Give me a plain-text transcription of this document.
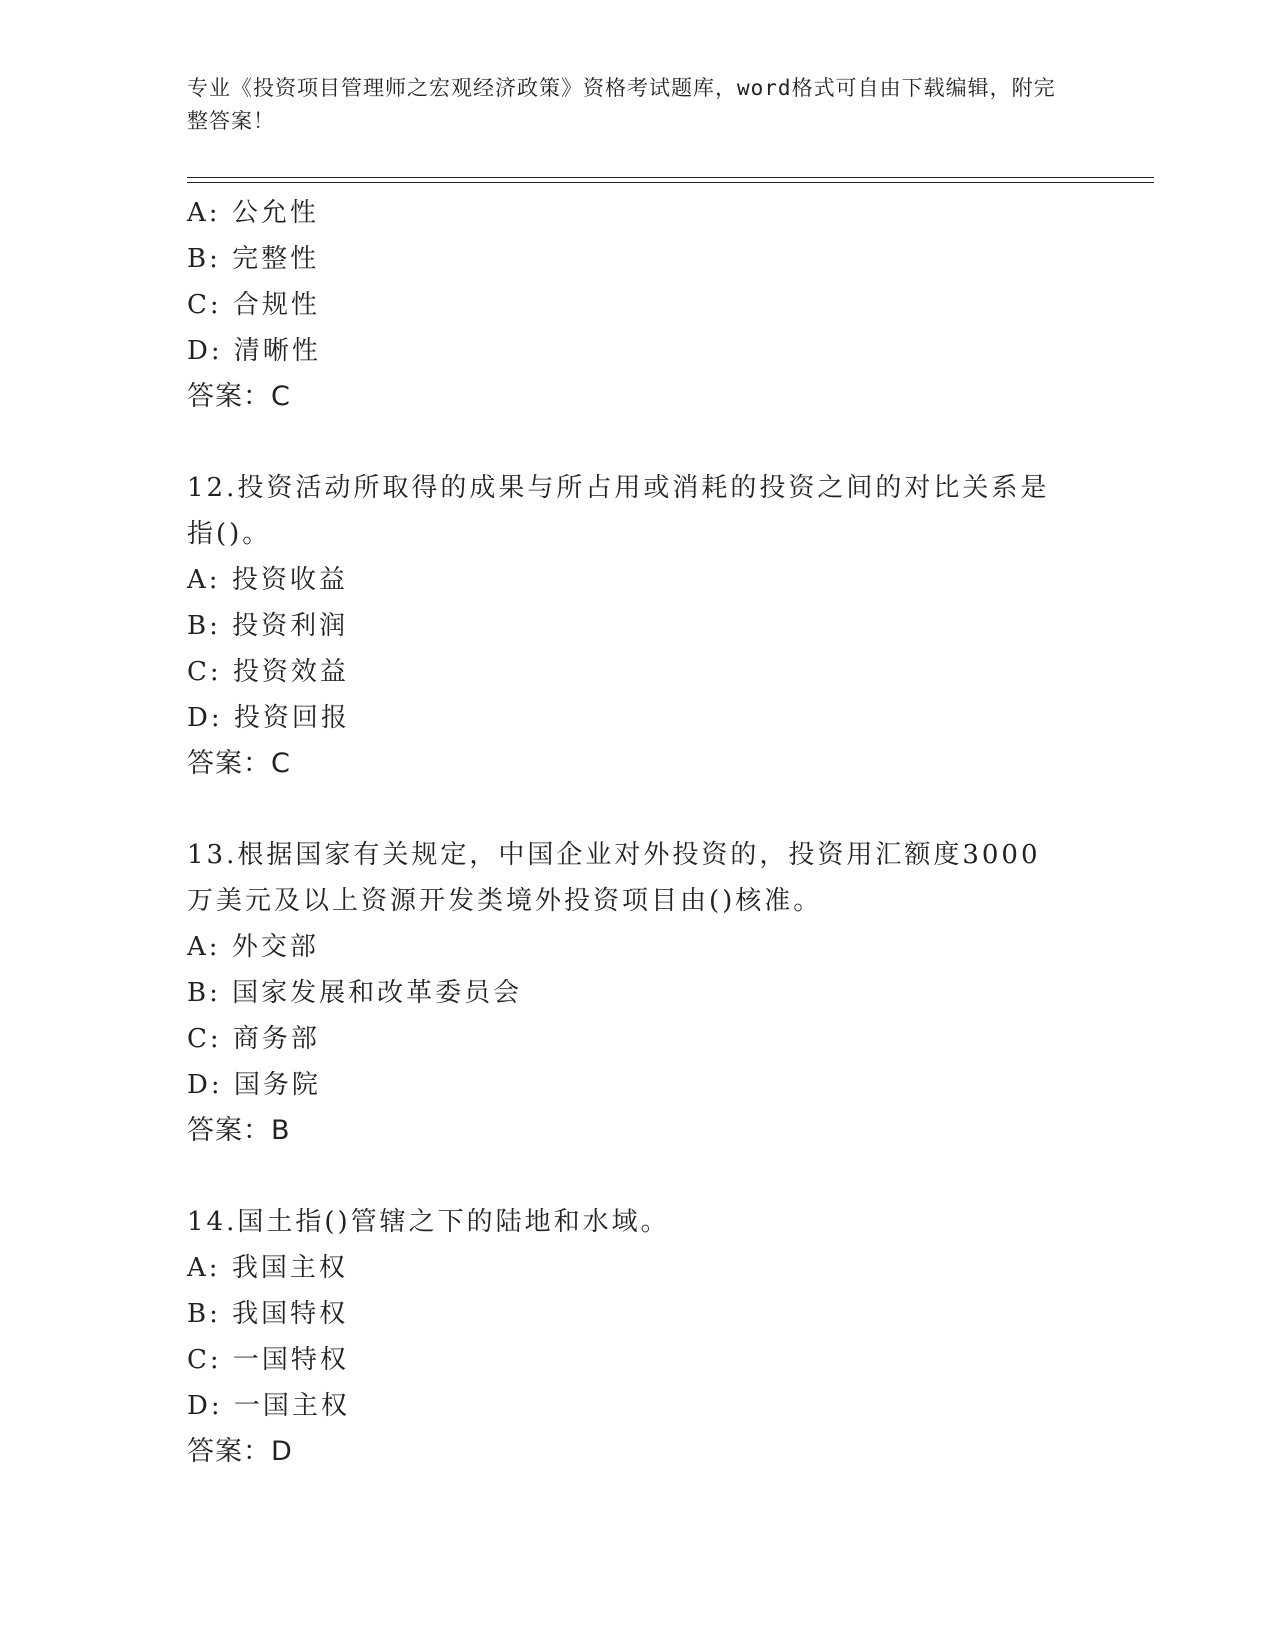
专业《投资项目管理师之宏观经济政策》资格考试题库，word格式可自由下载编辑，附完整答案！
A: 公允性
B: 完整性
C: 合规性
D: 清晰性
答案：C
12.投资活动所取得的成果与所占用或消耗的投资之间的对比关系是指()。
A: 投资收益
B: 投资利润
C: 投资效益
D: 投资回报
答案：C
13.根据国家有关规定，中国企业对外投资的，投资用汇额度3000万美元及以上资源开发类境外投资项目由()核准。
A: 外交部
B: 国家发展和改革委员会
C: 商务部
D: 国务院
答案：B
14.国土指()管辖之下的陆地和水域。
A: 我国主权
B: 我国特权
C: 一国特权
D: 一国主权
答案：D
